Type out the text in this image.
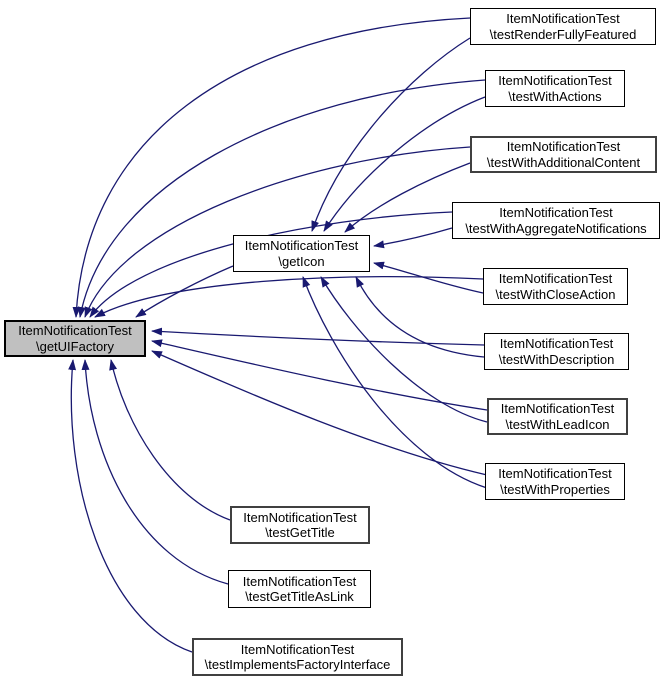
ItemNotificationTest
\getUIFactory
ItemNotificationTest
\getIcon
ItemNotificationTest
\testRenderFullyFeatured
ItemNotificationTest
\testWithActions
ItemNotificationTest
\testWithAdditionalContent
ItemNotificationTest
\testWithAggregateNotifications
ItemNotificationTest
\testWithCloseAction
ItemNotificationTest
\testWithDescription
ItemNotificationTest
\testWithLeadIcon
ItemNotificationTest
\testWithProperties
ItemNotificationTest
\testGetTitle
ItemNotificationTest
\testGetTitleAsLink
ItemNotificationTest
\testImplementsFactoryInterface
